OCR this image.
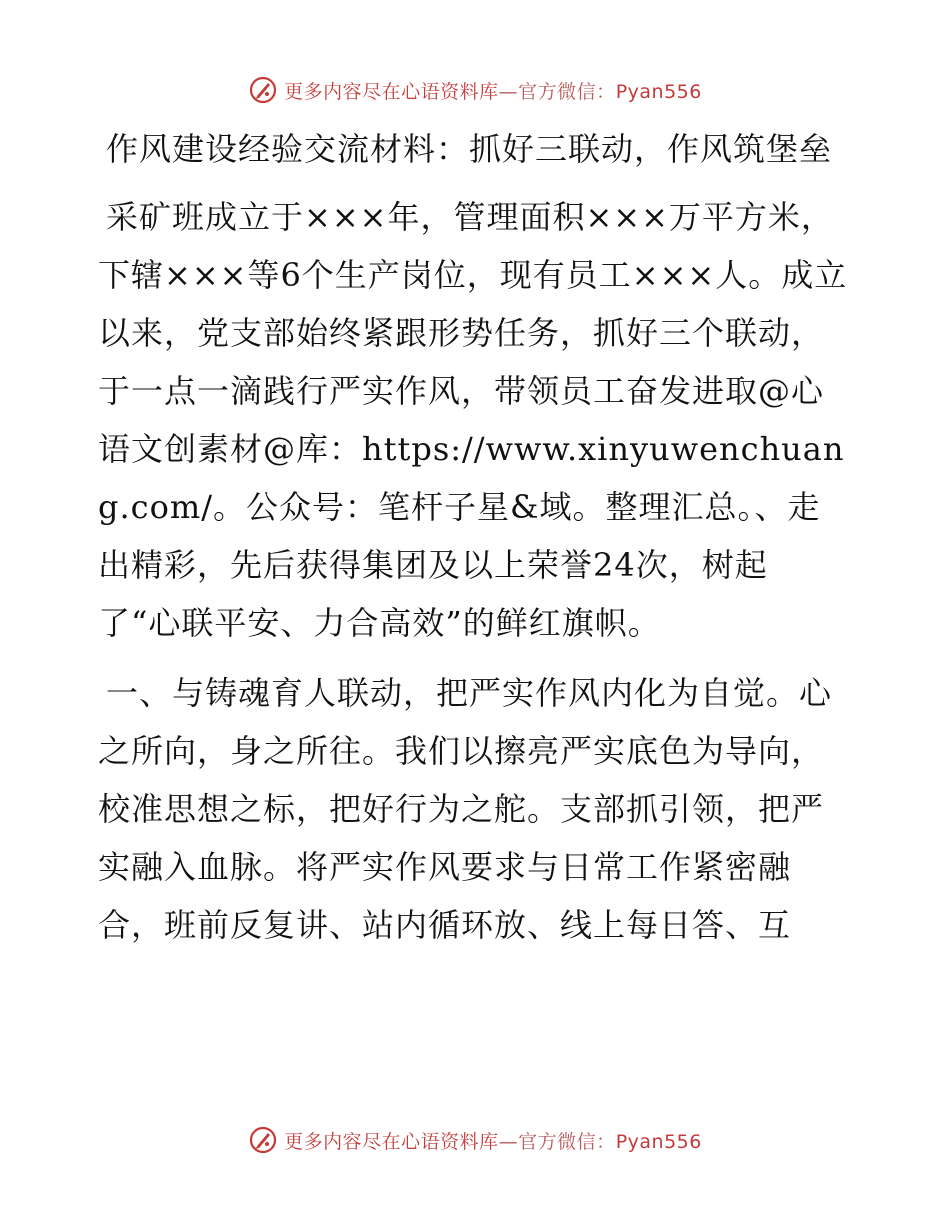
更多内容尽在心语资料库—官方微信：Pyan556
作风建设经验交流材料：抓好三联动，作风筑堡垒

采矿班成立于×××年，管理面积×××万平方米，下辖×××等6个生产岗位，现有员工×××人。成立以来，党支部始终紧跟形势任务，抓好三个联动，于一点一滴践行严实作风，带领员工奋发进取@心语文创素材@库：https://www.xinyuwenchuang.com/。公众号：笔杆子星&域。整理汇总。、走出精彩，先后获得集团及以上荣誉24次，树起了“心联平安、力合高效”的鲜红旗帜。

一、与铸魂育人联动，把严实作风内化为自觉。心之所向，身之所往。我们以擦亮严实底色为导向，校准思想之标，把好行为之舵。支部抓引领，把严实融入血脉。将严实作风要求与日常工作紧密融合，班前反复讲、站内循环放、线上每日答、互

更多内容尽在心语资料库—官方微信：Pyan556
